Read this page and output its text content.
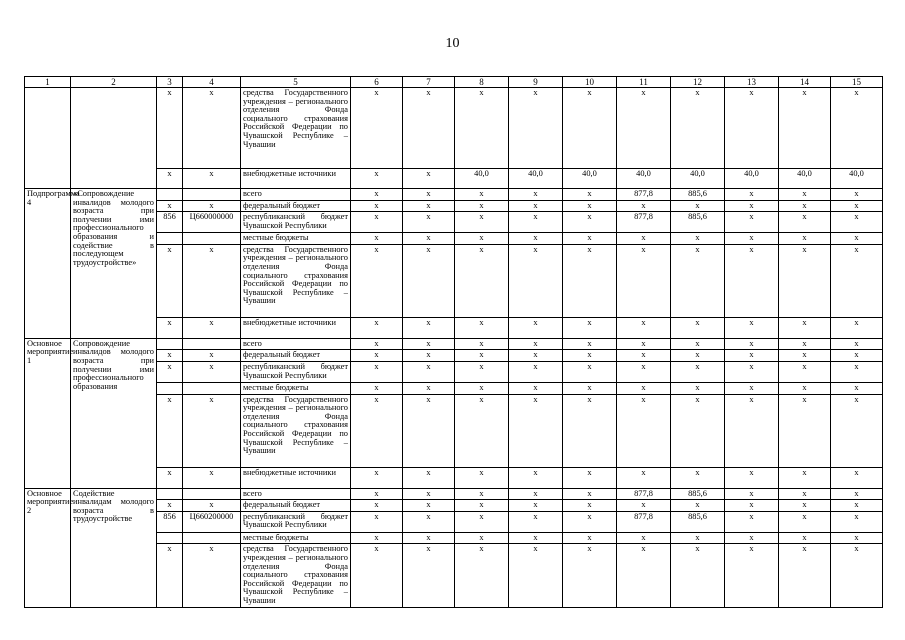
10
1	2	3	4	5	6	7	8	9	10	11	12	13	14	15
		х	х	средства Государственного учреждения – регионального отделения Фонда социального страхования Российской Федерации по Чувашской Республике – Чувашии	х	х	х	х	х	х	х	х	х	х
		х	х	внебюджетные источники	х	х	40,0	40,0	40,0	40,0	40,0	40,0	40,0	40,0
Подпрограмма 4	«Сопровождение инвалидов молодого возраста при получении ими профессионального образования и содействие в последующем трудоустройстве»			всего	х	х	х	х	х	877,8	885,6	х	х	х
		х	х	федеральный бюджет	х	х	х	х	х	х	х	х	х	х
		856	Ц660000000	республиканский бюджет Чувашской Республики	х	х	х	х	х	877,8	885,6	х	х	х
				местные бюджеты	х	х	х	х	х	х	х	х	х	х
		х	х	средства Государственного учреждения – регионального отделения Фонда социального страхования Российской Федерации по Чувашской Республике – Чувашии	х	х	х	х	х	х	х	х	х	х
		х	х	внебюджетные источники	х	х	х	х	х	х	х	х	х	х
Основное мероприятие 1	Сопровождение инвалидов молодого возраста при получении ими профессионального образования			всего	х	х	х	х	х	х	х	х	х	х
		х	х	федеральный бюджет	х	х	х	х	х	х	х	х	х	х
		х	х	республиканский бюджет Чувашской Республики	х	х	х	х	х	х	х	х	х	х
				местные бюджеты	х	х	х	х	х	х	х	х	х	х
		х	х	средства Государственного учреждения – регионального отделения Фонда социального страхования Российской Федерации по Чувашской Республике – Чувашии	х	х	х	х	х	х	х	х	х	х
		х	х	внебюджетные источники	х	х	х	х	х	х	х	х	х	х
Основное мероприятие 2	Содействие инвалидам молодого возраста в трудоустройстве			всего	х	х	х	х	х	877,8	885,6	х	х	х
		х	х	федеральный бюджет	х	х	х	х	х	х	х	х	х	х
		856	Ц660200000	республиканский бюджет Чувашской Республики	х	х	х	х	х	877,8	885,6	х	х	х
				местные бюджеты	х	х	х	х	х	х	х	х	х	х
		х	х	средства Государственного учреждения – регионального отделения Фонда социального страхования Российской Федерации по Чувашской Республике – Чувашии	х	х	х	х	х	х	х	х	х	х
